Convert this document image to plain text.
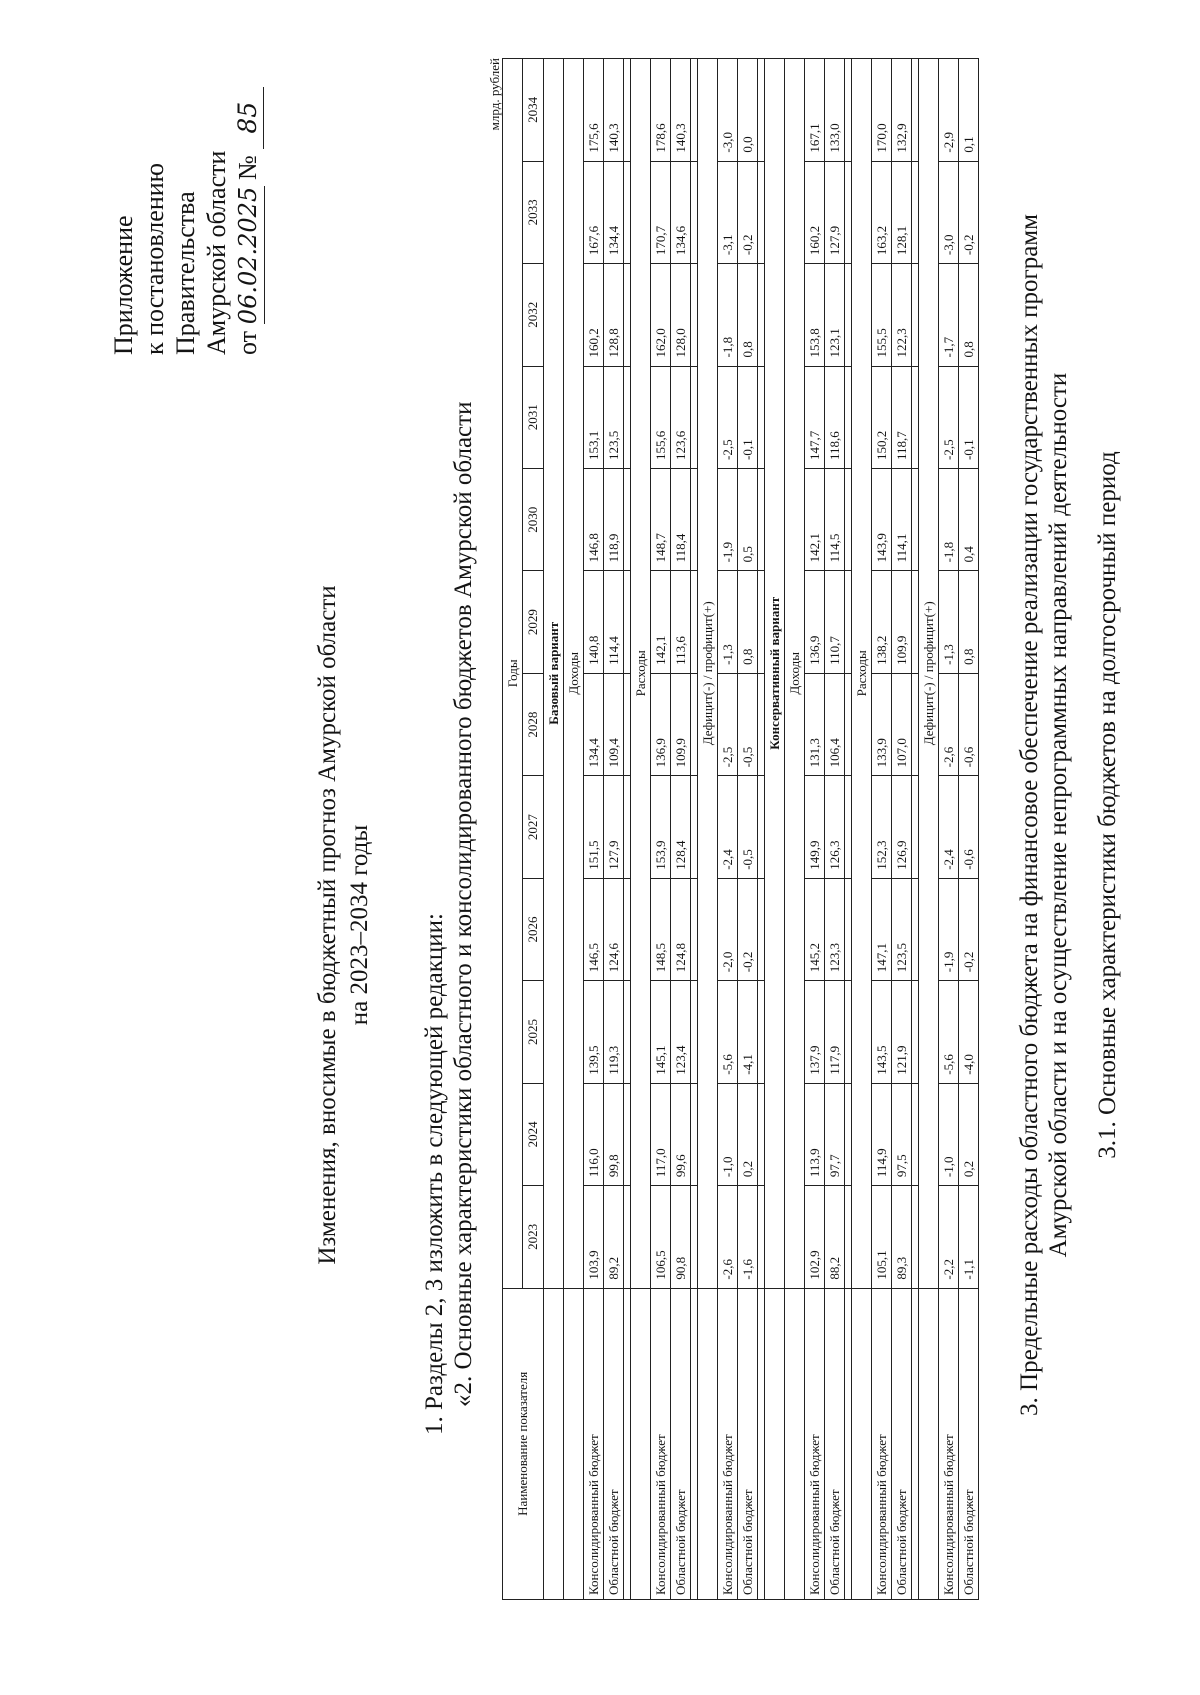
Приложение к постановлению Правительства Амурской области от 06.02.2025 № 85
Изменения, вносимые в бюджетный прогноз Амурской области на 2023–2034 годы 1. Разделы 2, 3 изложить в следующей редакции: «2. Основные характеристики областного и консолидированного бюджетов Амурской области
млрд. рублей
Наименование показателя	Годы											
	2023	2024	2025	2026	2027	2028	2029	2030	2031	2032	2033	2034
	Базовый вариант											
	Доходы											
Консолидированный бюджет	103,9	116,0	139,5	146,5	151,5	134,4	140,8	146,8	153,1	160,2	167,6	175,6
Областной бюджет	89,2	99,8	119,3	124,6	127,9	109,4	114,4	118,9	123,5	128,8	134,4	140,3

	Расходы											
Консолидированный бюджет	106,5	117,0	145,1	148,5	153,9	136,9	142,1	148,7	155,6	162,0	170,7	178,6
Областной бюджет	90,8	99,6	123,4	124,8	128,4	109,9	113,6	118,4	123,6	128,0	134,6	140,3

	Дефицит(-) / профицит(+)											
Консолидированный бюджет	-2,6	-1,0	-5,6	-2,0	-2,4	-2,5	-1,3	-1,9	-2,5	-1,8	-3,1	-3,0
Областной бюджет	-1,6	0,2	-4,1	-0,2	-0,5	-0,5	0,8	0,5	-0,1	0,8	-0,2	0,0

	Консервативный вариант											
	Доходы											
Консолидированный бюджет	102,9	113,9	137,9	145,2	149,9	131,3	136,9	142,1	147,7	153,8	160,2	167,1
Областной бюджет	88,2	97,7	117,9	123,3	126,3	106,4	110,7	114,5	118,6	123,1	127,9	133,0

	Расходы											
Консолидированный бюджет	105,1	114,9	143,5	147,1	152,3	133,9	138,2	143,9	150,2	155,5	163,2	170,0
Областной бюджет	89,3	97,5	121,9	123,5	126,9	107,0	109,9	114,1	118,7	122,3	128,1	132,9

	Дефицит(-) / профицит(+)											
Консолидированный бюджет	-2,2	-1,0	-5,6	-1,9	-2,4	-2,6	-1,3	-1,8	-2,5	-1,7	-3,0	-2,9
Областной бюджет	-1,1	0,2	-4,0	-0,2	-0,6	-0,6	0,8	0,4	-0,1	0,8	-0,2	0,1
3. Предельные расходы областного бюджета на финансовое обеспечение реализации государственных программ Амурской области и на осуществление непрограммных направлений деятельности 3.1. Основные характеристики бюджетов на долгосрочный период
